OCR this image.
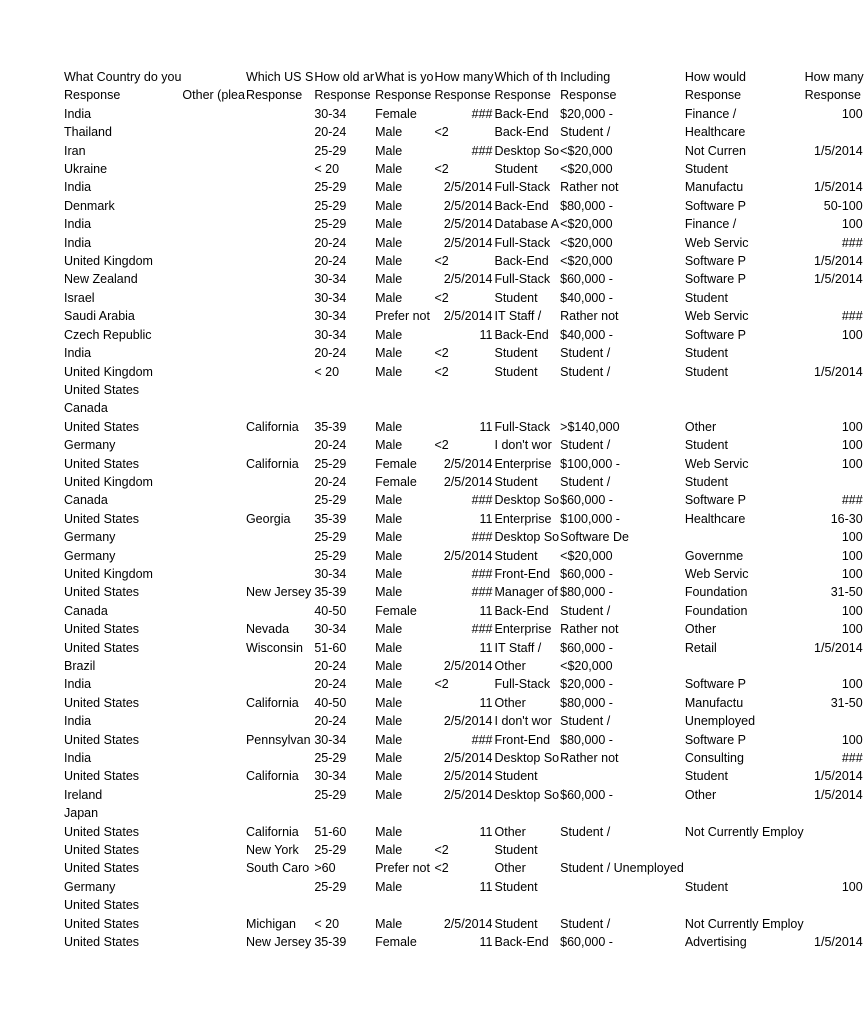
What Country do you		Which US S	How old ar	What is yo	How many	Which of th	Including	How would	How many
Response	Other (plea	Response	Response	Response	Response	Response	Response	Response	Response
India			30-34	Female	###	Back-End	$20,000 -	Finance /	100
Thailand			20-24	Male	<2	Back-End	Student /	Healthcare	
Iran			25-29	Male	###	Desktop So	<$20,000	Not Curren	1/5/2014
Ukraine			< 20	Male	<2	Student	<$20,000	Student	
India			25-29	Male	2/5/2014	Full-Stack	Rather not	Manufactu	1/5/2014
Denmark			25-29	Male	2/5/2014	Back-End	$80,000 -	Software P	50-100
India			25-29	Male	2/5/2014	Database A	<$20,000	Finance /	100
India			20-24	Male	2/5/2014	Full-Stack	<$20,000	Web Servic	###
United Kingdom			20-24	Male	<2	Back-End	<$20,000	Software P	1/5/2014
New Zealand			30-34	Male	2/5/2014	Full-Stack	$60,000 -	Software P	1/5/2014
Israel			30-34	Male	<2	Student	$40,000 -	Student	
Saudi Arabia			30-34	Prefer not	2/5/2014	IT Staff /	Rather not	Web Servic	###
Czech Republic			30-34	Male	11	Back-End	$40,000 -	Software P	100
India			20-24	Male	<2	Student	Student /	Student	
United Kingdom			< 20	Male	<2	Student	Student /	Student	1/5/2014
United States									
Canada									
United States		California	35-39	Male	11	Full-Stack	>$140,000	Other	100
Germany			20-24	Male	<2	I don't wor	Student /	Student	100
United States		California	25-29	Female	2/5/2014	Enterprise	$100,000 -	Web Servic	100
United Kingdom			20-24	Female	2/5/2014	Student	Student /	Student	
Canada			25-29	Male	###	Desktop So	$60,000 -	Software P	###
United States		Georgia	35-39	Male	11	Enterprise	$100,000 -	Healthcare	16-30
Germany			25-29	Male	###	Desktop So	Software De		100
Germany			25-29	Male	2/5/2014	Student	<$20,000	Governme	100
United Kingdom			30-34	Male	###	Front-End	$60,000 -	Web Servic	100
United States		New Jersey	35-39	Male	###	Manager of	$80,000 -	Foundation	31-50
Canada			40-50	Female	11	Back-End	Student /	Foundation	100
United States		Nevada	30-34	Male	###	Enterprise	Rather not	Other	100
United States		Wisconsin	51-60	Male	11	IT Staff /	$60,000 -	Retail	1/5/2014
Brazil			20-24	Male	2/5/2014	Other	<$20,000		
India			20-24	Male	<2	Full-Stack	$20,000 -	Software P	100
United States		California	40-50	Male	11	Other	$80,000 -	Manufactu	31-50
India			20-24	Male	2/5/2014	I don't wor	Student /	Unemployed	
United States		Pennsylvan	30-34	Male	###	Front-End	$80,000 -	Software P	100
India			25-29	Male	2/5/2014	Desktop So	Rather not	Consulting	###
United States		California	30-34	Male	2/5/2014	Student		Student	1/5/2014
Ireland			25-29	Male	2/5/2014	Desktop So	$60,000 -	Other	1/5/2014
Japan									
United States		California	51-60	Male	11	Other	Student /	Not Currently Employ	
United States		New York	25-29	Male	<2	Student			
United States		South Caro	>60	Prefer not	<2	Other	Student / Unemployed		
Germany			25-29	Male	11	Student		Student	100
United States									
United States		Michigan	< 20	Male	2/5/2014	Student	Student /	Not Currently Employ	
United States		New Jersey	35-39	Female	11	Back-End	$60,000 -	Advertising	1/5/2014
